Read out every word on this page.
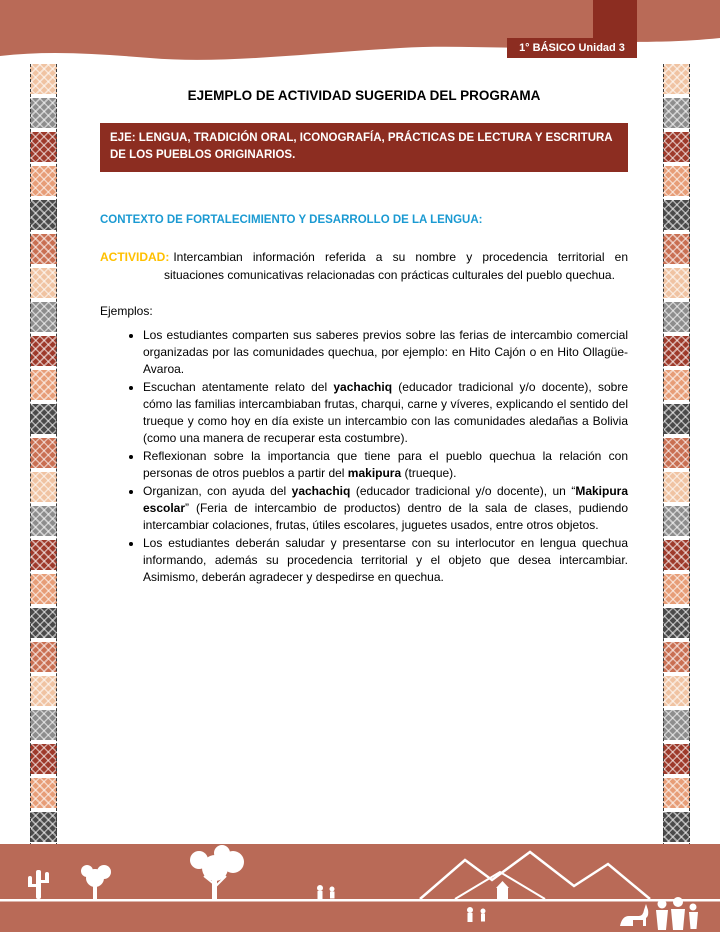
1° BÁSICO Unidad 3
EJEMPLO DE ACTIVIDAD SUGERIDA DEL PROGRAMA
EJE: LENGUA, TRADICIÓN ORAL, ICONOGRAFÍA, PRÁCTICAS DE LECTURA Y ESCRITURA DE LOS PUEBLOS ORIGINARIOS.
CONTEXTO DE FORTALECIMIENTO Y DESARROLLO DE LA LENGUA:

ACTIVIDAD: Intercambian información referida a su nombre y procedencia territorial en situaciones comunicativas relacionadas con prácticas culturales del pueblo quechua.

Ejemplos:

• Los estudiantes comparten sus saberes previos sobre las ferias de intercambio comercial organizadas por las comunidades quechua, por ejemplo: en Hito Cajón o en Hito Ollagüe-Avaroa.
• Escuchan atentamente relato del yachachiq (educador tradicional y/o docente), sobre cómo las familias intercambiaban frutas, charqui, carne y víveres, explicando el sentido del trueque y como hoy en día existe un intercambio con las comunidades aledañas a Bolivia (como una manera de recuperar esta costumbre).
• Reflexionan sobre la importancia que tiene para el pueblo quechua la relación con personas de otros pueblos a partir del makipura (trueque).
• Organizan, con ayuda del yachachiq (educador tradicional y/o docente), un “Makipura escolar” (Feria de intercambio de productos) dentro de la sala de clases, pudiendo intercambiar colaciones, frutas, útiles escolares, juguetes usados, entre otros objetos.
• Los estudiantes deberán saludar y presentarse con su interlocutor en lengua quechua informando, además su procedencia territorial y el objeto que desea intercambiar. Asimismo, deberán agradecer y despedirse en quechua.
